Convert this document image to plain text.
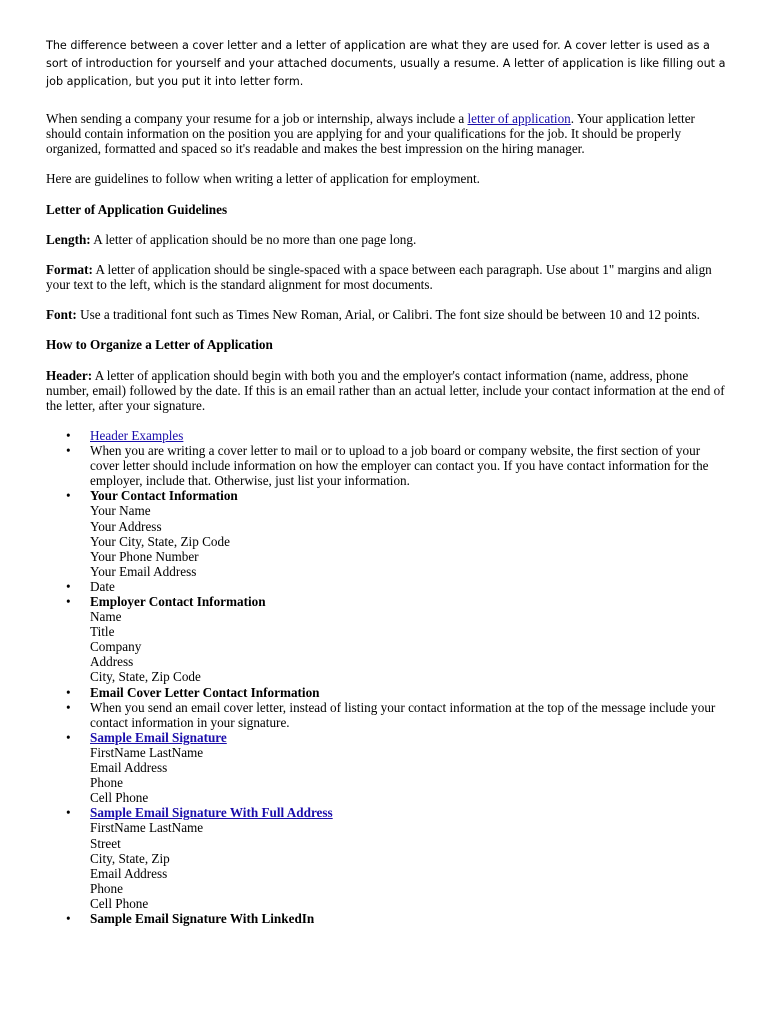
The difference between a cover letter and a letter of application are what they are used for. A cover letter is used as a sort of introduction for yourself and your attached documents, usually a resume. A letter of application is like filling out a job application, but you put it into letter form.

When sending a company your resume for a job or internship, always include a letter of application. Your application letter should contain information on the position you are applying for and your qualifications for the job. It should be properly organized, formatted and spaced so it's readable and makes the best impression on the hiring manager.

Here are guidelines to follow when writing a letter of application for employment.

Letter of Application Guidelines

Length: A letter of application should be no more than one page long.

Format: A letter of application should be single-spaced with a space between each paragraph. Use about 1" margins and align your text to the left, which is the standard alignment for most documents.

Font: Use a traditional font such as Times New Roman, Arial, or Calibri. The font size should be between 10 and 12 points.

How to Organize a Letter of Application

Header: A letter of application should begin with both you and the employer's contact information (name, address, phone number, email) followed by the date. If this is an email rather than an actual letter, include your contact information at the end of the letter, after your signature.

• Header Examples
• When you are writing a cover letter to mail or to upload to a job board or company website, the first section of your cover letter should include information on how the employer can contact you. If you have contact information for the employer, include that. Otherwise, just list your information.
• Your Contact Information
Your Name
Your Address
Your City, State, Zip Code
Your Phone Number
Your Email Address
• Date
• Employer Contact Information
Name
Title
Company
Address
City, State, Zip Code
• Email Cover Letter Contact Information
• When you send an email cover letter, instead of listing your contact information at the top of the message include your contact information in your signature.
• Sample Email Signature
FirstName LastName
Email Address
Phone
Cell Phone
• Sample Email Signature With Full Address
FirstName LastName
Street
City, State, Zip
Email Address
Phone
Cell Phone
• Sample Email Signature With LinkedIn
